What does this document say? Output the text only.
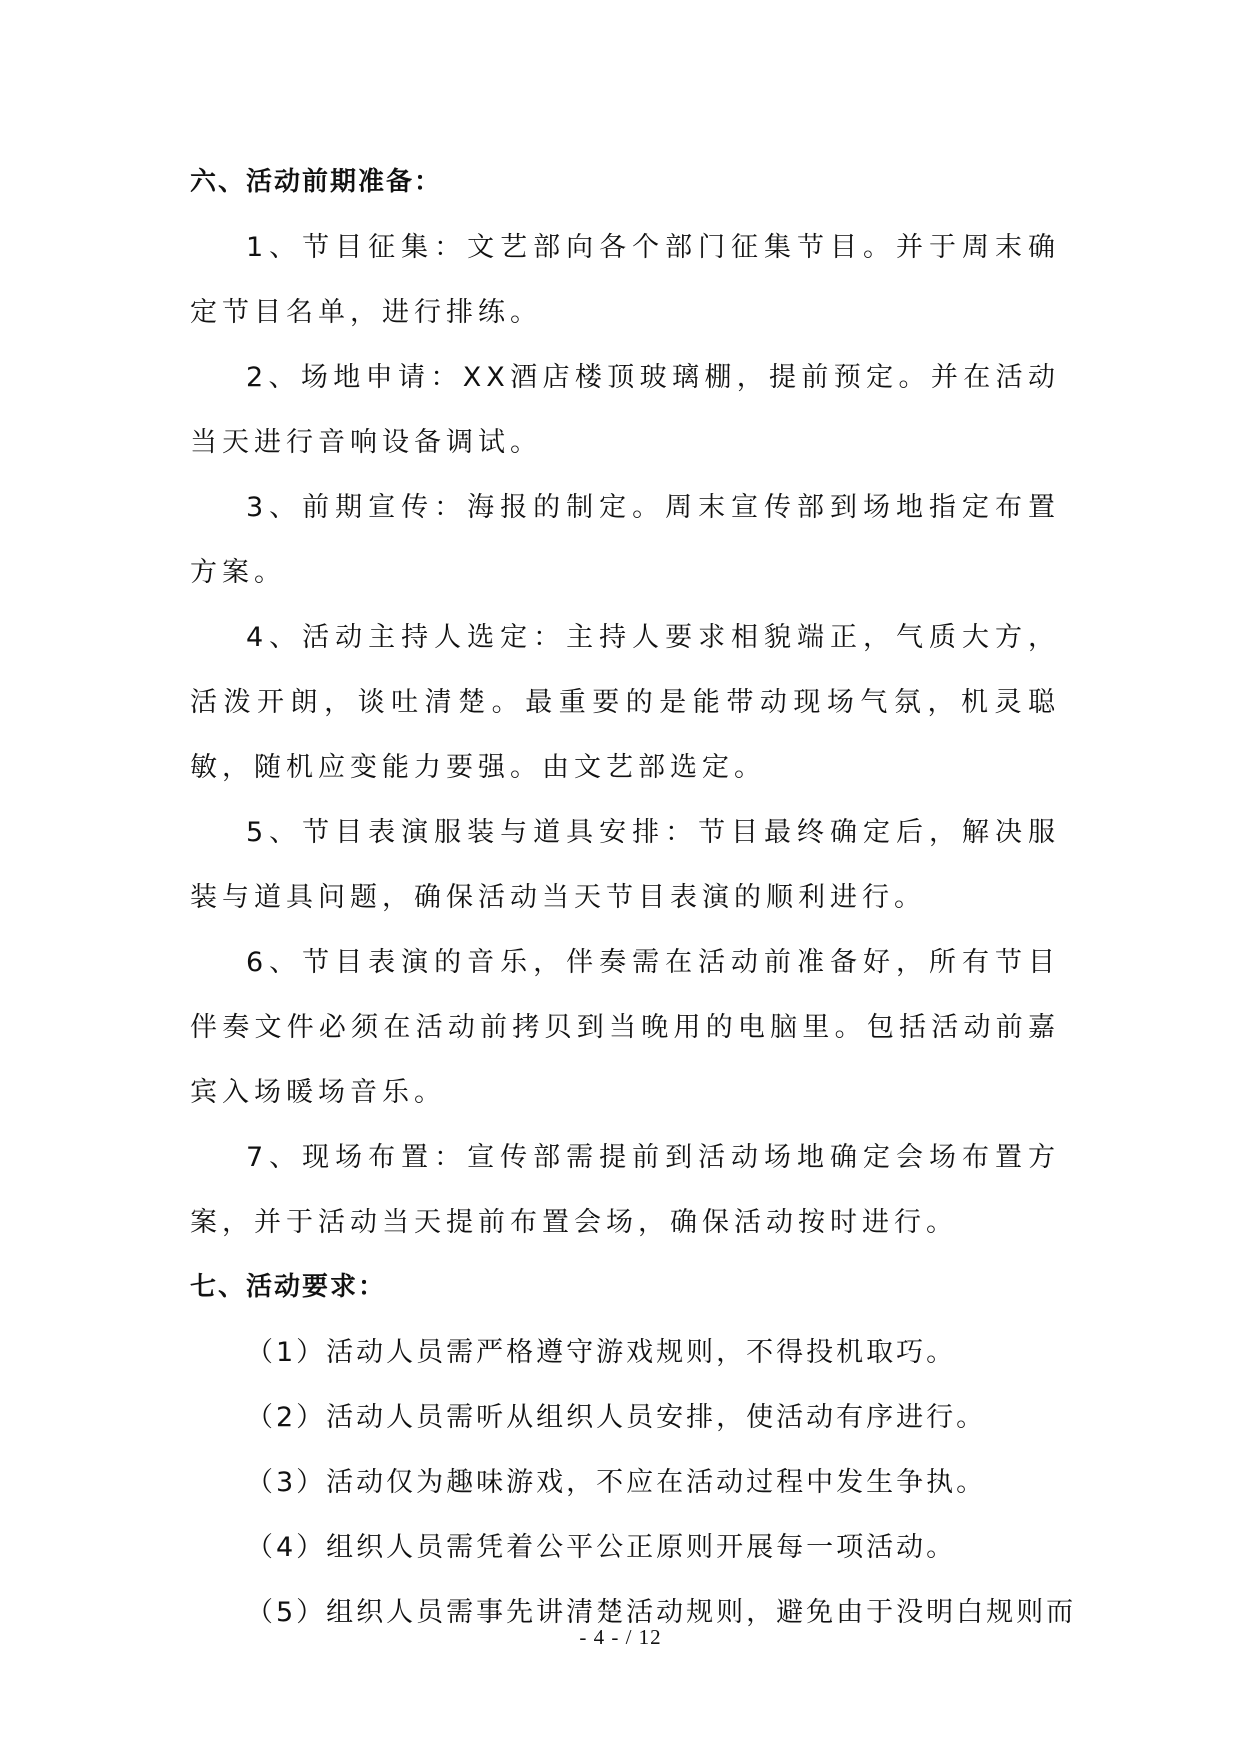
六、活动前期准备：
1、节目征集：文艺部向各个部门征集节目。并于周末确定节目名单，进行排练。
2、场地申请：XX酒店楼顶玻璃棚，提前预定。并在活动当天进行音响设备调试。
3、前期宣传：海报的制定。周末宣传部到场地指定布置方案。
4、活动主持人选定：主持人要求相貌端正，气质大方，活泼开朗，谈吐清楚。最重要的是能带动现场气氛，机灵聪敏，随机应变能力要强。由文艺部选定。
5、节目表演服装与道具安排：节目最终确定后，解决服装与道具问题，确保活动当天节目表演的顺利进行。
6、节目表演的音乐，伴奏需在活动前准备好，所有节目伴奏文件必须在活动前拷贝到当晚用的电脑里。包括活动前嘉宾入场暖场音乐。
7、现场布置：宣传部需提前到活动场地确定会场布置方案，并于活动当天提前布置会场，确保活动按时进行。
七、活动要求：
（1）活动人员需严格遵守游戏规则，不得投机取巧。
（2）活动人员需听从组织人员安排，使活动有序进行。
（3）活动仅为趣味游戏，不应在活动过程中发生争执。
（4）组织人员需凭着公平公正原则开展每一项活动。
（5）组织人员需事先讲清楚活动规则，避免由于没明白规则而
- 4 - / 12
